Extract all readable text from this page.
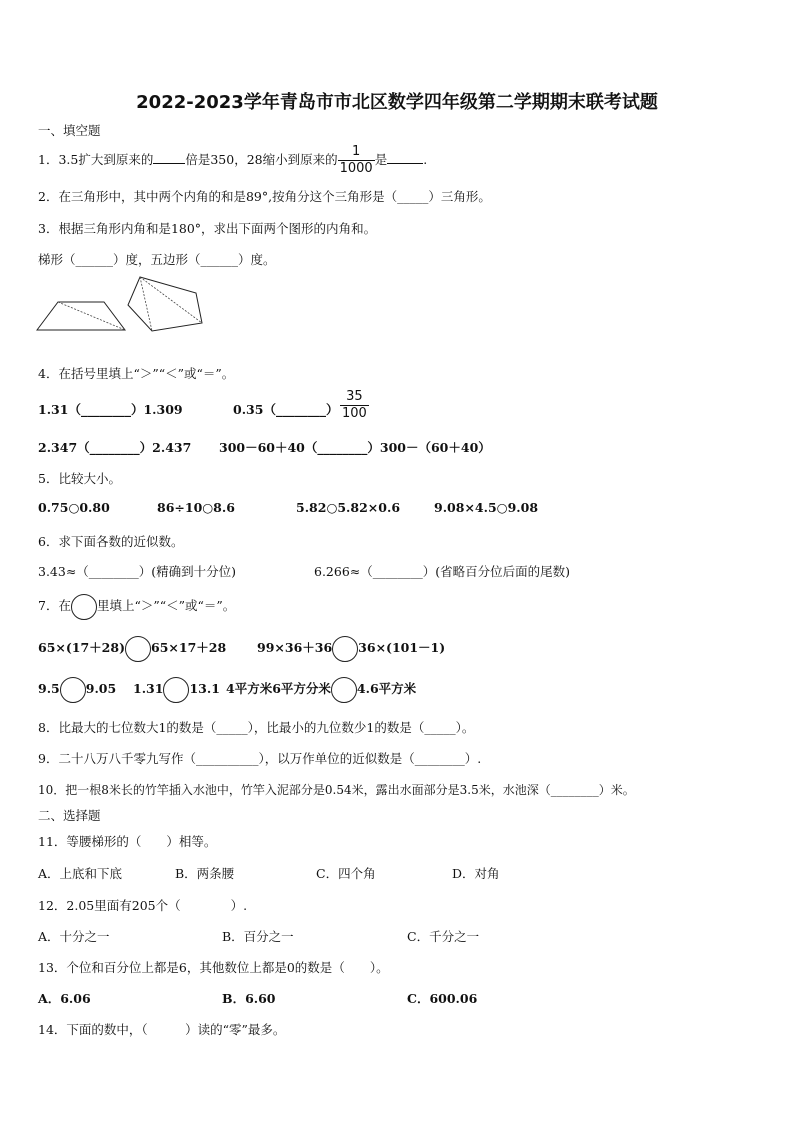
2022-2023学年青岛市市北区数学四年级第二学期期末联考试题
一、填空题
1．3.5扩大到原来的	倍是350，28缩小到原来的 $\frac{1}{1000}$ 是	.
2．在三角形中，其中两个内角的和是89°,按角分这个三角形是（_____）三角形。
3．根据三角形内角和是180°，求出下面两个图形的内角和。
梯形（______）度，五边形（______）度。
4．在括号里填上“＞”“＜”或“＝”。
1.31（________）1.309	0.35（________） $\frac{35}{100}$
2.347（________）2.437 300－60＋40（________）300－（60＋40）
5．比较大小。
0.75○0.80	86÷10○8.6	5.82○5.82×0.6	9.08×4.5○9.08
6．求下面各数的近似数。
3.43≈（________）(精确到十分位)	6.266≈（________）(省略百分位后面的尾数)
7．在 里填上“＞”“＜”或“＝”。
65×(17＋28) 65×17＋28 99×36＋36 36×(101－1)
9.5 9.05 1.31 13.1 4平方米6平方分米 4.6平方米
8．比最大的七位数大1的数是（_____），比最小的九位数少1的数是（_____）。
9．二十八万八千零九写作（__________），以万作单位的近似数是（________）.
10．把一根8米长的竹竿插入水池中，竹竿入泥部分是0.54米，露出水面部分是3.5米，水池深（________）米。
二、选择题
11．等腰梯形的（　　）相等。
A．上底和下底	B．两条腰	C．四个角	D．对角
12．2.05里面有205个（　　　　）.
A．十分之一	B．百分之一	C．千分之一
13．个位和百分位上都是6，其他数位上都是0的数是（　　）。
A．6.06	B．6.60	C．600.06
14．下面的数中，（　　　）读的“零”最多。
